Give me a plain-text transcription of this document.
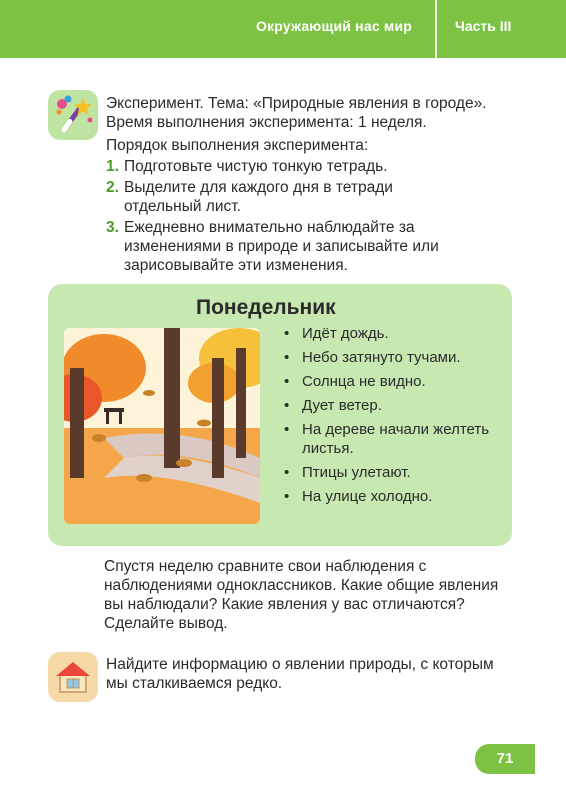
Окружающий нас мир	Часть III

Эксперимент. Тема: «Природные явления в городе». Время выполнения эксперимента: 1 неделя.

Порядок выполнения эксперимента:

1. Подготовьте чистую тонкую тетрадь.
2. Выделите для каждого дня в тетради отдельный лист.
3. Ежедневно внимательно наблюдайте за изменениями в природе и записывайте или зарисовывайте эти изменения.
Понедельник
• Идёт дождь.
• Небо затянуто тучами.
• Солнца не видно.
• Дует ветер.
• На дереве начали желтеть листья.
• Птицы улетают.
• На улице холодно.

Спустя неделю сравните свои наблюдения с наблюдениями одноклассников. Какие общие явления вы наблюдали? Какие явления у вас отличаются? Сделайте вывод.

Найдите информацию о явлении природы, с которым мы сталкиваемся редко.

71
